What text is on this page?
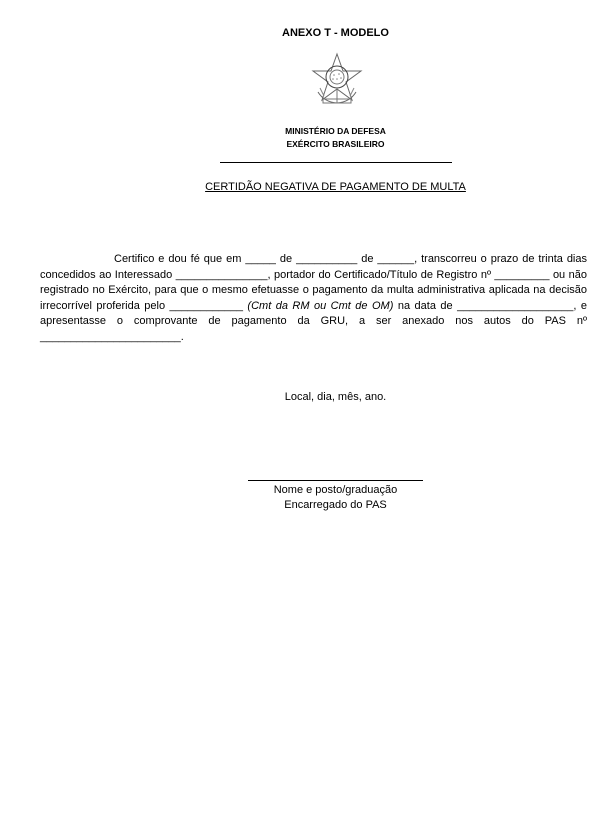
ANEXO T - MODELO
MINISTÉRIO DA DEFESA
EXÉRCITO BRASILEIRO
CERTIDÃO NEGATIVA DE PAGAMENTO DE MULTA
Certifico e dou fé que em _____ de __________ de ______, transcorreu o prazo de trinta dias concedidos ao Interessado _______________, portador do Certificado/Título de Registro nº _________ ou não registrado no Exército, para que o mesmo efetuasse o pagamento da multa administrativa aplicada na decisão irrecorrível proferida pelo ____________ (Cmt da RM ou Cmt de OM) na data de ___________________, e apresentasse o comprovante de pagamento da GRU, a ser anexado nos autos do PAS nº _______________________.
Local, dia, mês, ano.
Nome e posto/graduação
Encarregado do PAS
